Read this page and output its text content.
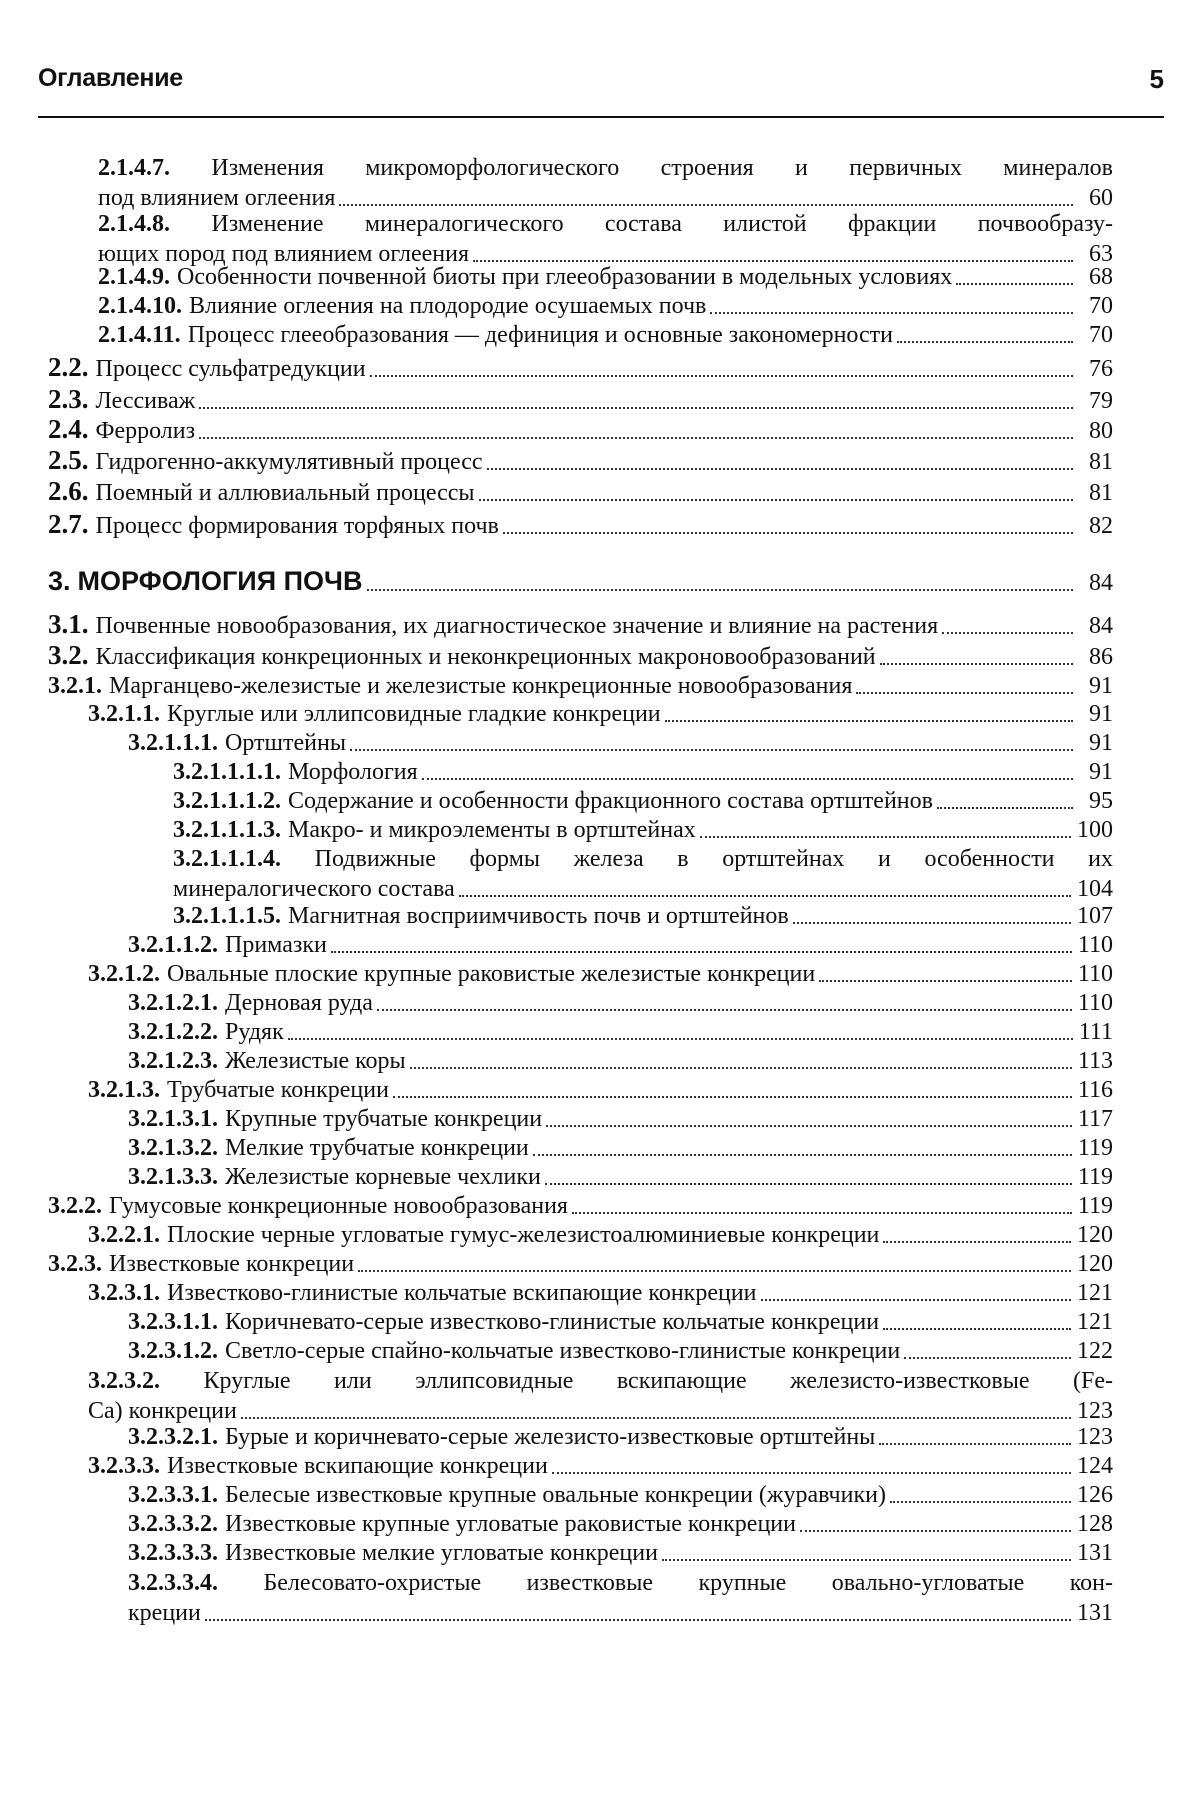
Оглавление	5
2.1.4.7. Изменения микроморфологического строения и первичных минералов
под влиянием оглеения	60
2.1.4.8. Изменение минералогического состава илистой фракции почвообразу-
ющих пород под влиянием оглеения	63
2.1.4.9. Особенности почвенной биоты при глееобразовании в модельных условиях	68
2.1.4.10. Влияние оглеения на плодородие осушаемых почв	70
2.1.4.11. Процесс глееобразования — дефиниция и основные закономерности	70
2.2. Процесс сульфатредукции	76
2.3. Лессиваж	79
2.4. Ферролиз	80
2.5. Гидрогенно-аккумулятивный процесс	81
2.6. Поемный и аллювиальный процессы	81
2.7. Процесс формирования торфяных почв	82
3. МОРФОЛОГИЯ ПОЧВ	84
3.1. Почвенные новообразования, их диагностическое значение и влияние на растения	84
3.2. Классификация конкреционных и неконкреционных макроновообразований	86
3.2.1. Марганцево-железистые и железистые конкреционные новообразования	91
3.2.1.1. Круглые или эллипсовидные гладкие конкреции	91
3.2.1.1.1. Ортштейны	91
3.2.1.1.1.1. Морфология	91
3.2.1.1.1.2. Содержание и особенности фракционного состава ортштейнов	95
3.2.1.1.1.3. Макро- и микроэлементы в ортштейнах	100
3.2.1.1.1.4. Подвижные формы железа в ортштейнах и особенности их
минералогического состава	104
3.2.1.1.1.5. Магнитная восприимчивость почв и ортштейнов	107
3.2.1.1.2. Примазки	110
3.2.1.2. Овальные плоские крупные раковистые железистые конкреции	110
3.2.1.2.1. Дерновая руда	110
3.2.1.2.2. Рудяк	111
3.2.1.2.3. Железистые коры	113
3.2.1.3. Трубчатые конкреции	116
3.2.1.3.1. Крупные трубчатые конкреции	117
3.2.1.3.2. Мелкие трубчатые конкреции	119
3.2.1.3.3. Железистые корневые чехлики	119
3.2.2. Гумусовые конкреционные новообразования	119
3.2.2.1. Плоские черные угловатые гумус-железистоалюминиевые конкреции	120
3.2.3. Известковые конкреции	120
3.2.3.1. Известково-глинистые кольчатые вскипающие конкреции	121
3.2.3.1.1. Коричневато-серые известково-глинистые кольчатые конкреции	121
3.2.3.1.2. Светло-серые спайно-кольчатые известково-глинистые конкреции	122
3.2.3.2. Круглые или эллипсовидные вскипающие железисто-известковые (Fe-
Ca) конкреции	123
3.2.3.2.1. Бурые и коричневато-серые железисто-известковые ортштейны	123
3.2.3.3. Известковые вскипающие конкреции	124
3.2.3.3.1. Белесые известковые крупные овальные конкреции (журавчики)	126
3.2.3.3.2. Известковые крупные угловатые раковистые конкреции	128
3.2.3.3.3. Известковые мелкие угловатые конкреции	131
3.2.3.3.4. Белесовато-охристые известковые крупные овально-угловатые кон-
креции	131
